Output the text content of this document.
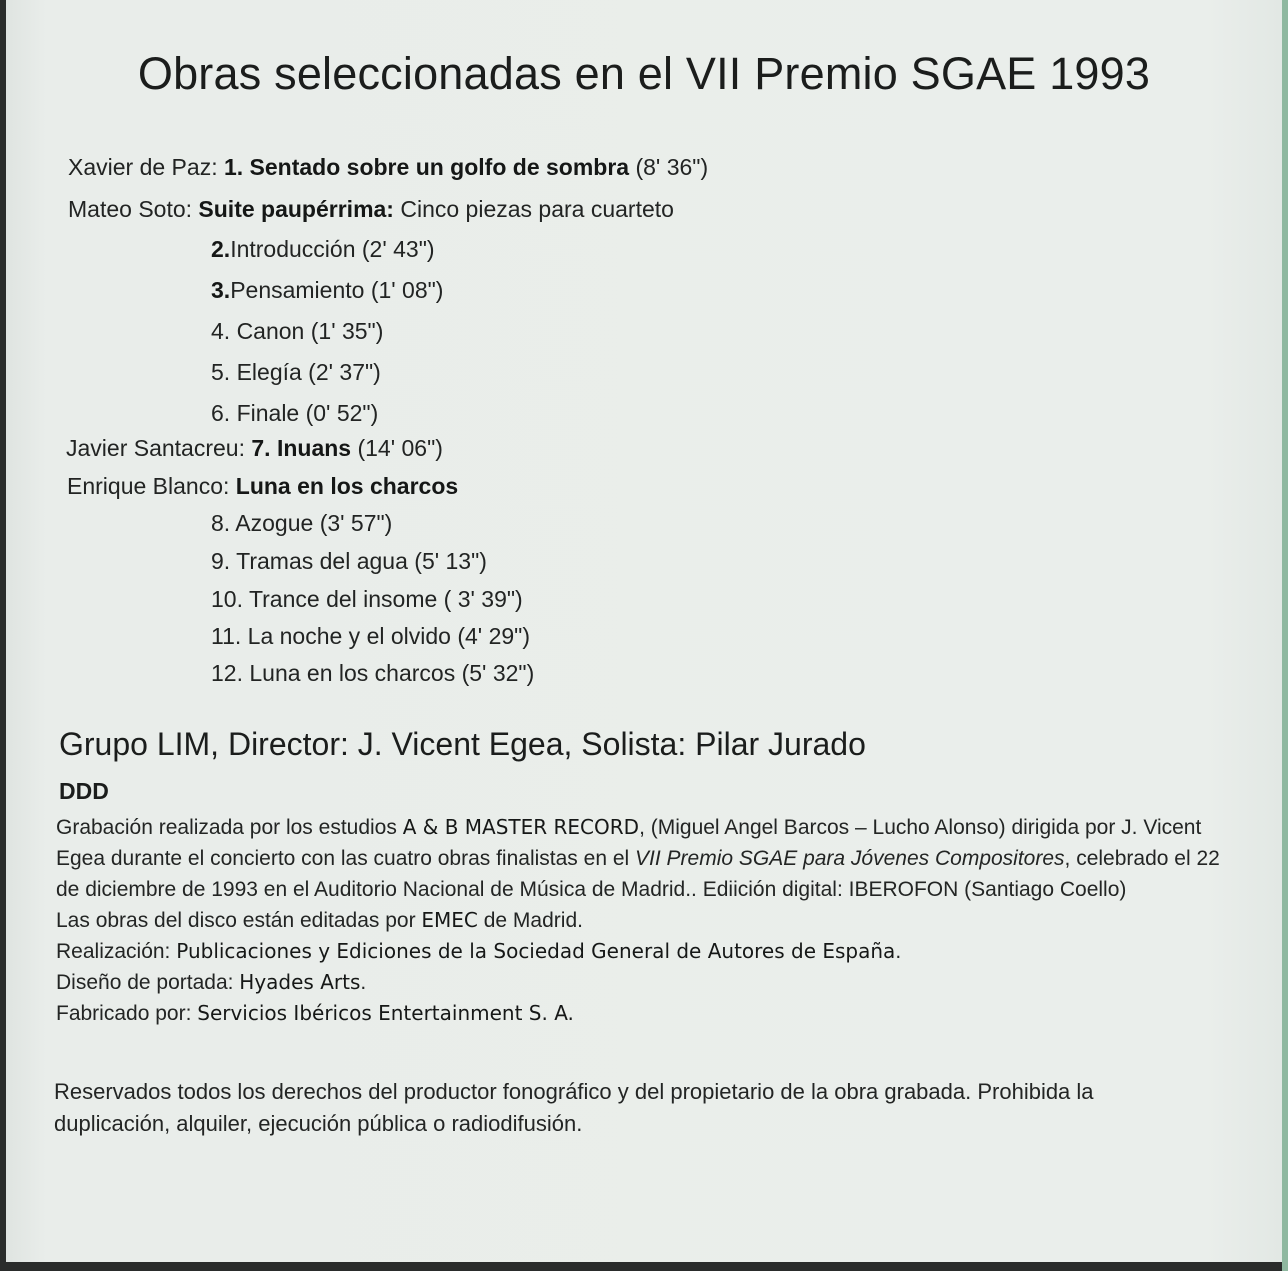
Obras seleccionadas en el VII Premio SGAE 1993
Xavier de Paz: 1. Sentado sobre un golfo de sombra (8' 36")
Mateo Soto: Suite paupérrima: Cinco piezas para cuarteto
2.Introducción (2' 43")
3.Pensamiento (1' 08")
4. Canon (1' 35")
5. Elegía (2' 37")
6. Finale (0' 52")
Javier Santacreu: 7. Inuans (14' 06")
Enrique Blanco: Luna en los charcos
8. Azogue (3' 57")
9. Tramas del agua (5' 13")
10. Trance del insome ( 3' 39")
11. La noche y el olvido (4' 29")
12. Luna en los charcos (5' 32")
Grupo LIM, Director: J. Vicent Egea, Solista: Pilar Jurado
DDD

Grabación realizada por los estudios A & B MASTER RECORD, (Miguel Angel Barcos – Lucho Alonso) dirigida por J. Vicent Egea durante el concierto con las cuatro obras finalistas en el VII Premio SGAE para Jóvenes Compositores, celebrado el 22 de diciembre de 1993 en el Auditorio Nacional de Música de Madrid.. Ediición digital: IBEROFON (Santiago Coello)

Las obras del disco están editadas por EMEC de Madrid.

Realización: Publicaciones y Ediciones de la Sociedad General de Autores de España.

Diseño de portada: Hyades Arts.

Fabricado por: Servicios Ibéricos Entertainment S. A.

Reservados todos los derechos del productor fonográfico y del propietario de la obra grabada. Prohibida la duplicación, alquiler, ejecución pública o radiodifusión.
